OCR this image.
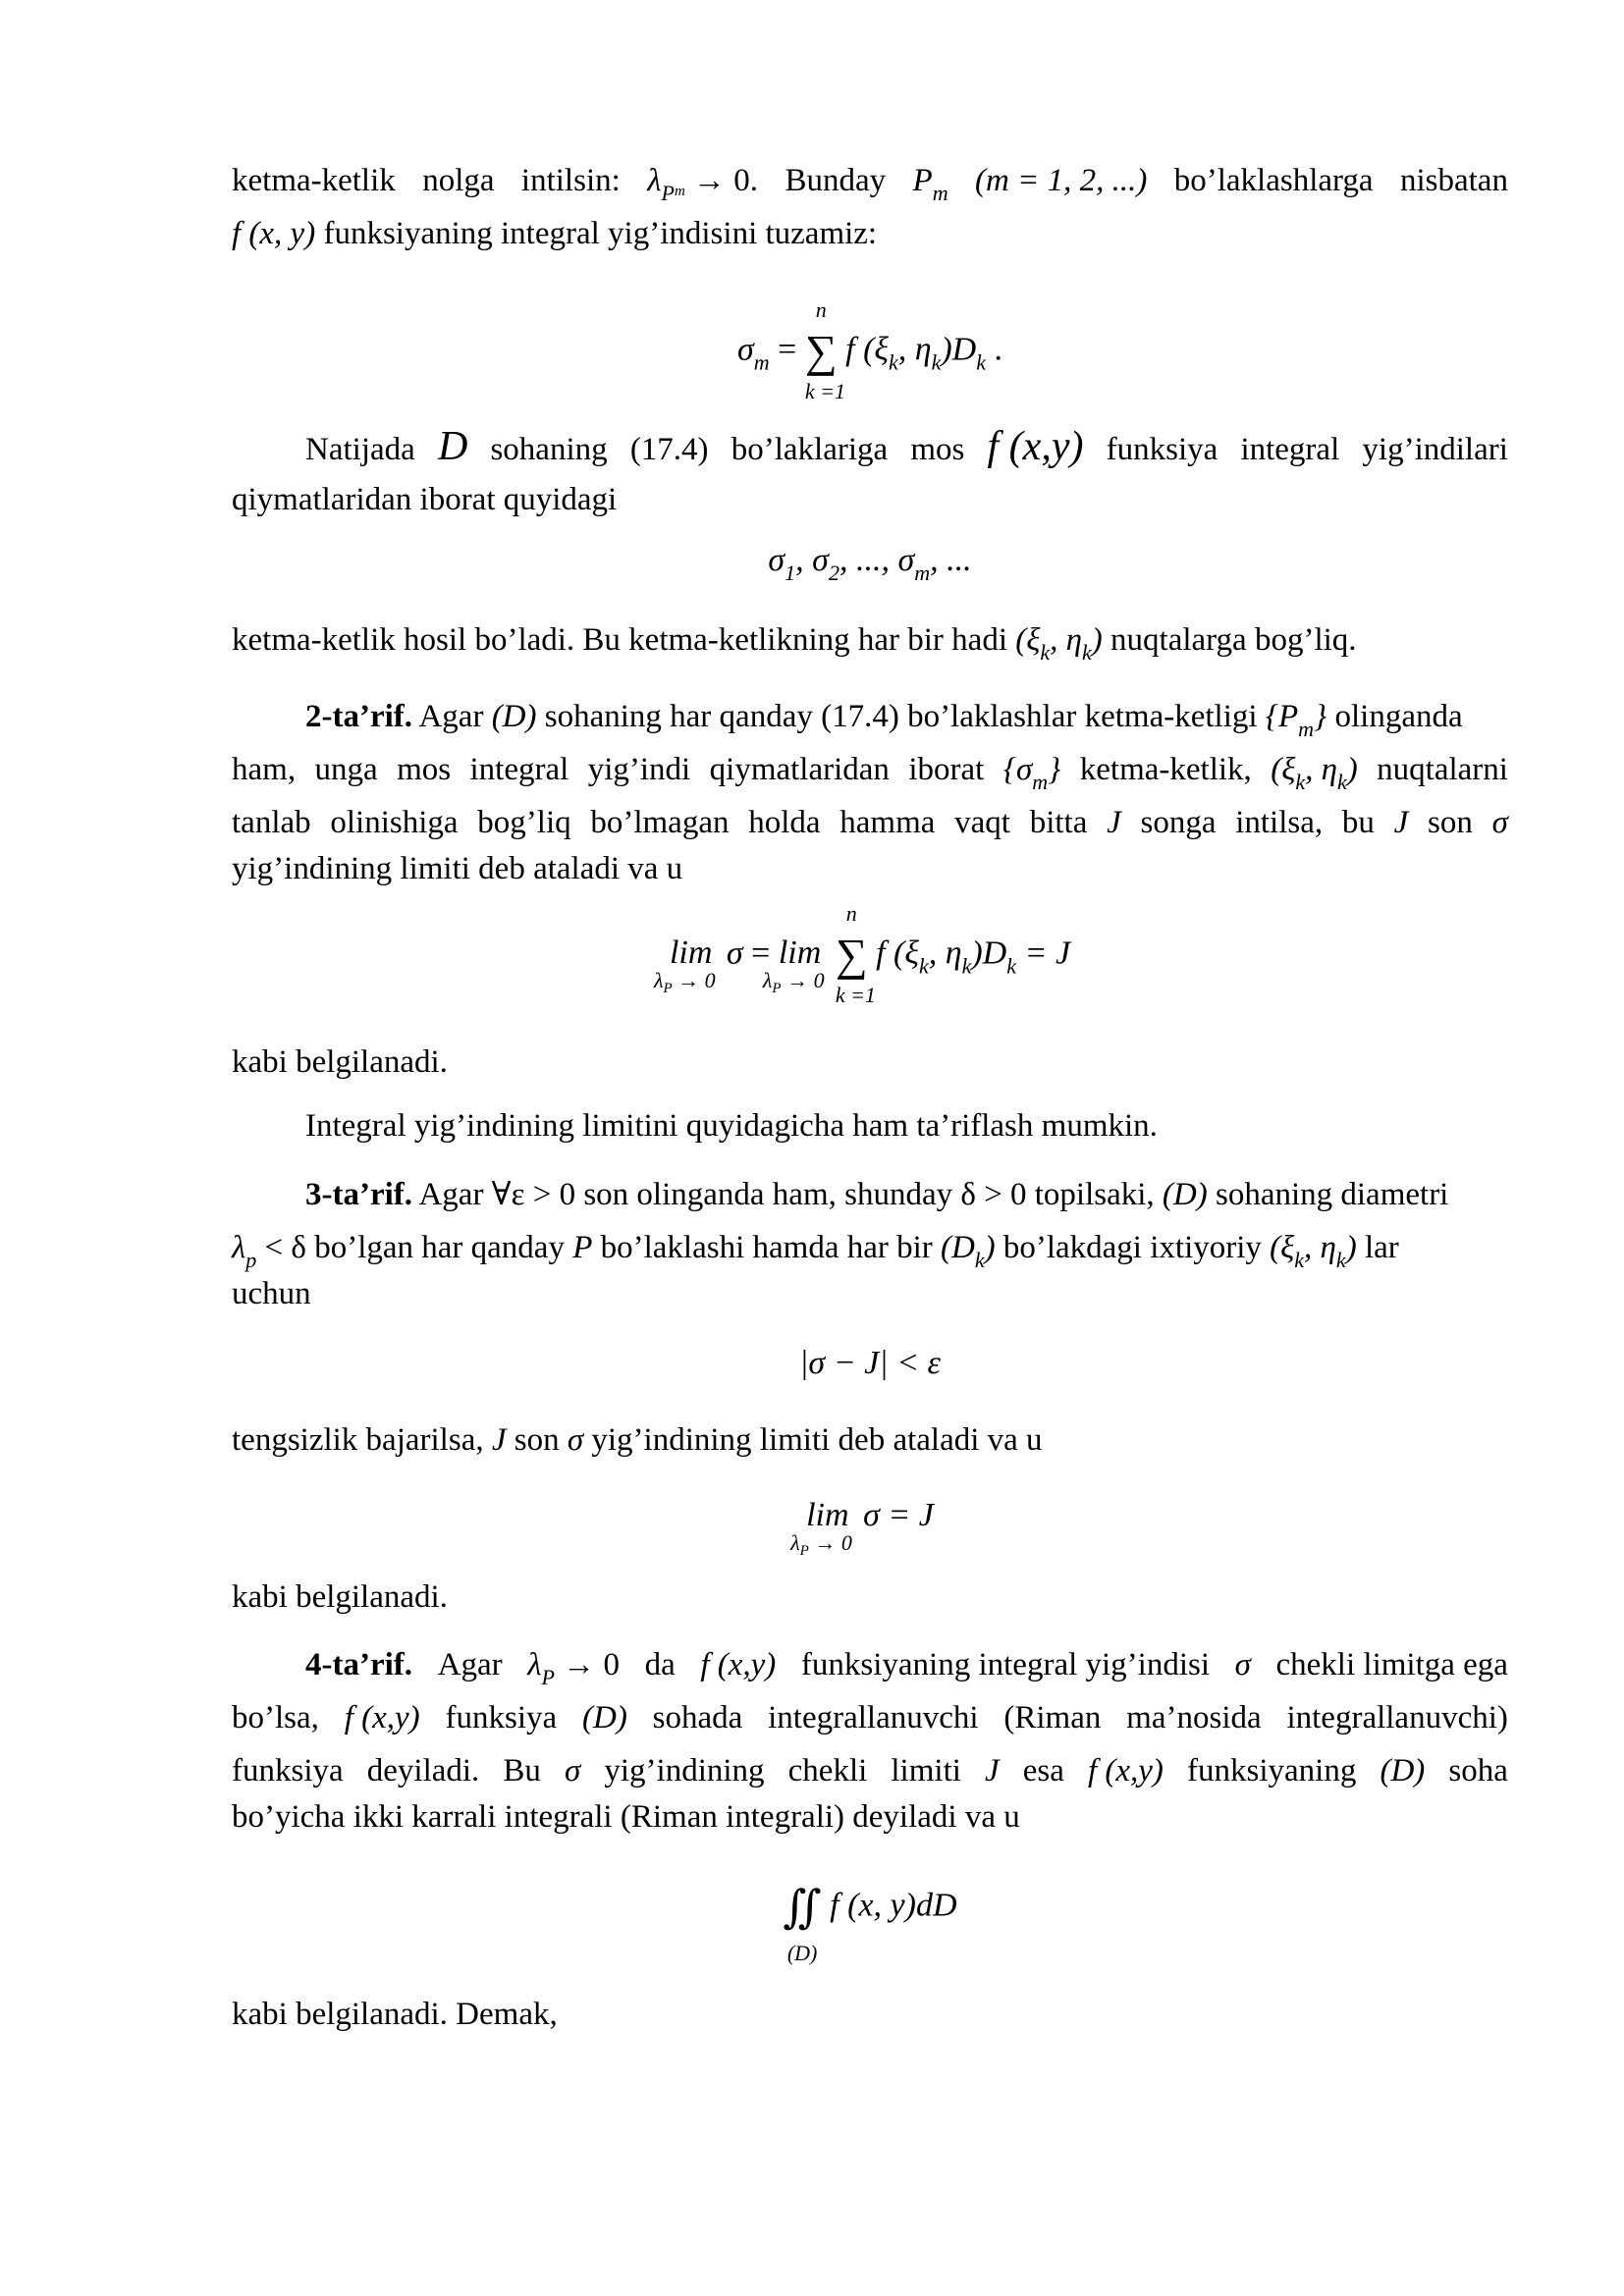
ketma-ketlik nolga intilsin: $\lambda_Pm \to 0$. Bunday $P_m$ (m = 1, 2, ...) bo’laklashlarga nisbatan
f (x, y) funksiyaning integral yig’indisini tuzamiz:
$\sigma_m$ =
n
∑
k =1
f ($\xi_k$, $\eta_k)D_k$ .
Natijada D sohaning (17.4) bo’laklariga mos f (x,y) funksiya integral yig’indilari
qiymatlaridan iborat quyidagi
$\sigma_1$, $\sigma_2$, ..., $\sigma_m$, ...
ketma-ketlik hosil bo’ladi. Bu ketma-ketlikning har bir hadi ($\xi_k$, $\eta_k$) nuqtalarga bog’liq.
2-ta’rif. Agar (D) sohaning har qanday (17.4) bo’laklashlar ketma-ketligi $\{P_m\}$ olinganda
ham, unga mos integral yig’indi qiymatlaridan iborat $\{\sigma_m\}$ ketma-ketlik, ($\xi_k$, $\eta_k$) nuqtalarni
tanlab olinishiga bog’liq bo’lmagan holda hamma vaqt bitta J songa intilsa, bu J son σ
yig’indining limiti deb ataladi va u
lim
$\lambda_P \to 0$
σ = lim
$\lambda_P \to 0$

n
∑
k =1
f ($\xi_k$, $\eta_k)D_k = J$
kabi belgilanadi.
Integral yig’indining limitini quyidagicha ham ta’riflash mumkin.
3-ta’rif. Agar ∀ε > 0 son olinganda ham, shunday δ > 0 topilsaki, (D) sohaning diametri
$\lambda_p < \delta$ bo’lgan har qanday P bo’laklashi hamda har bir $(D_k)$ bo’lakdagi ixtiyoriy ($\xi_k$, $\eta_k$) lar
uchun
|σ − J| < ε
tengsizlik bajarilsa, J son σ yig’indining limiti deb ataladi va u
lim
$\lambda_P \to 0$
σ = J
kabi belgilanadi.
4-ta’rif. Agar $\lambda_P \to 0$ da f (x,y) funksiyaning integral yig’indisi σ chekli limitga ega
bo’lsa, f (x,y) funksiya (D) sohada integrallanuvchi (Riman ma’nosida integrallanuvchi)
funksiya deyiladi. Bu σ yig’indining chekli limiti J esa f (x,y) funksiyaning (D) soha
bo’yicha ikki karrali integrali (Riman integrali) deyiladi va u
∬
(D)
f (x, y)dD
kabi belgilanadi. Demak,
